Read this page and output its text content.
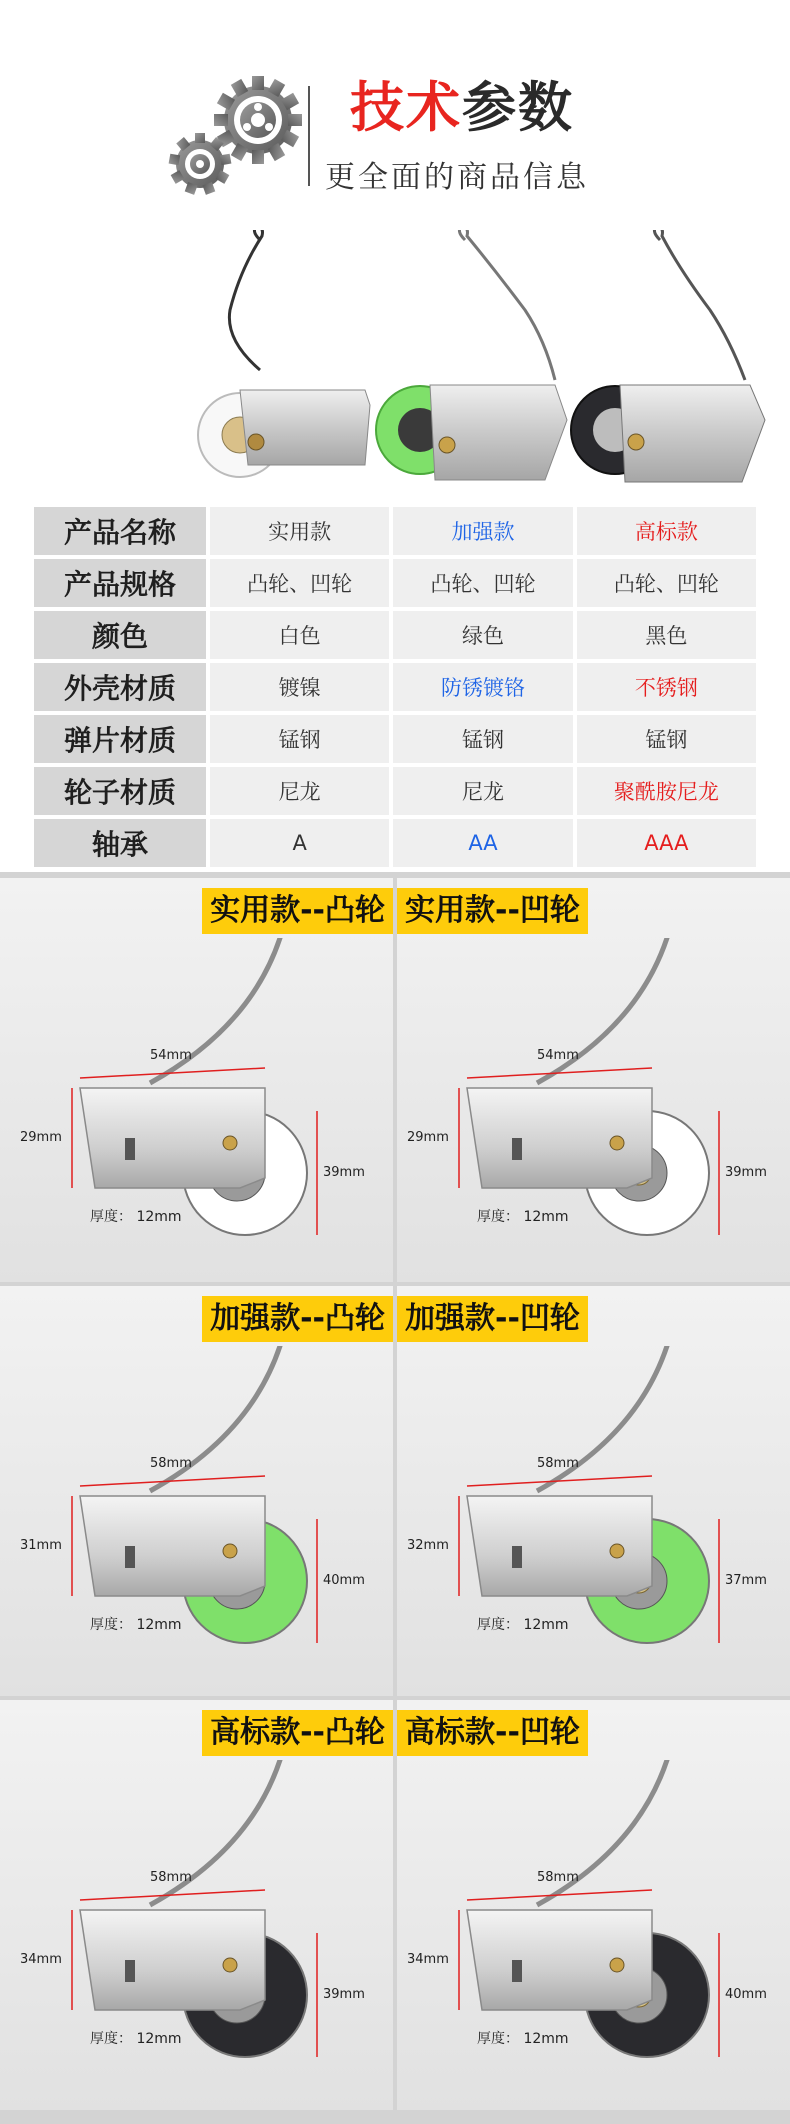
技术参数
更全面的商品信息
产品名称	实用款	加强款	高标款
产品规格	凸轮、凹轮	凸轮、凹轮	凸轮、凹轮
颜色	白色	绿色	黑色
外壳材质	镀镍	防锈镀铬	不锈钢
弹片材质	锰钢	锰钢	锰钢
轮子材质	尼龙	尼龙	聚酰胺尼龙
轴承	A	AA	AAA
实用款--凸轮
54mm
29mm
39mm
厚度： 12mm
实用款--凹轮
54mm
29mm
39mm
厚度： 12mm
加强款--凸轮
58mm
31mm
40mm
厚度： 12mm
加强款--凹轮
58mm
32mm
37mm
厚度： 12mm
高标款--凸轮
58mm
34mm
39mm
厚度： 12mm
高标款--凹轮
58mm
34mm
40mm
厚度： 12mm
